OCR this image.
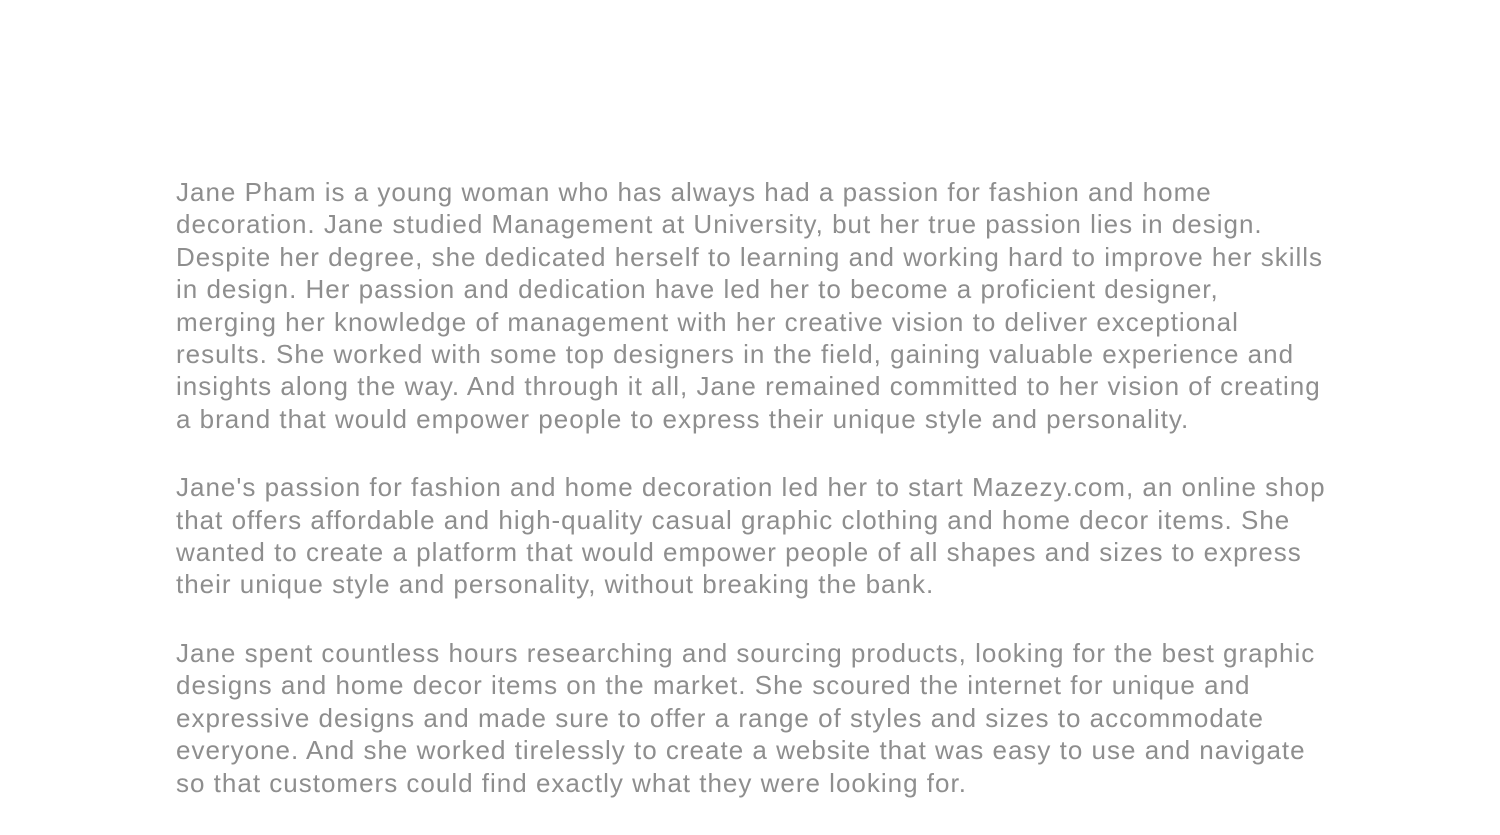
Jane Pham is a young woman who has always had a passion for fashion and home decoration. Jane studied Management at University, but her true passion lies in design. Despite her degree, she dedicated herself to learning and working hard to improve her skills in design. Her passion and dedication have led her to become a proficient designer, merging her knowledge of management with her creative vision to deliver exceptional results. She worked with some top designers in the field, gaining valuable experience and insights along the way. And through it all, Jane remained committed to her vision of creating a brand that would empower people to express their unique style and personality.

Jane's passion for fashion and home decoration led her to start Mazezy.com, an online shop that offers affordable and high-quality casual graphic clothing and home decor items. She wanted to create a platform that would empower people of all shapes and sizes to express their unique style and personality, without breaking the bank.

Jane spent countless hours researching and sourcing products, looking for the best graphic designs and home decor items on the market. She scoured the internet for unique and expressive designs and made sure to offer a range of styles and sizes to accommodate everyone. And she worked tirelessly to create a website that was easy to use and navigate so that customers could find exactly what they were looking for.
